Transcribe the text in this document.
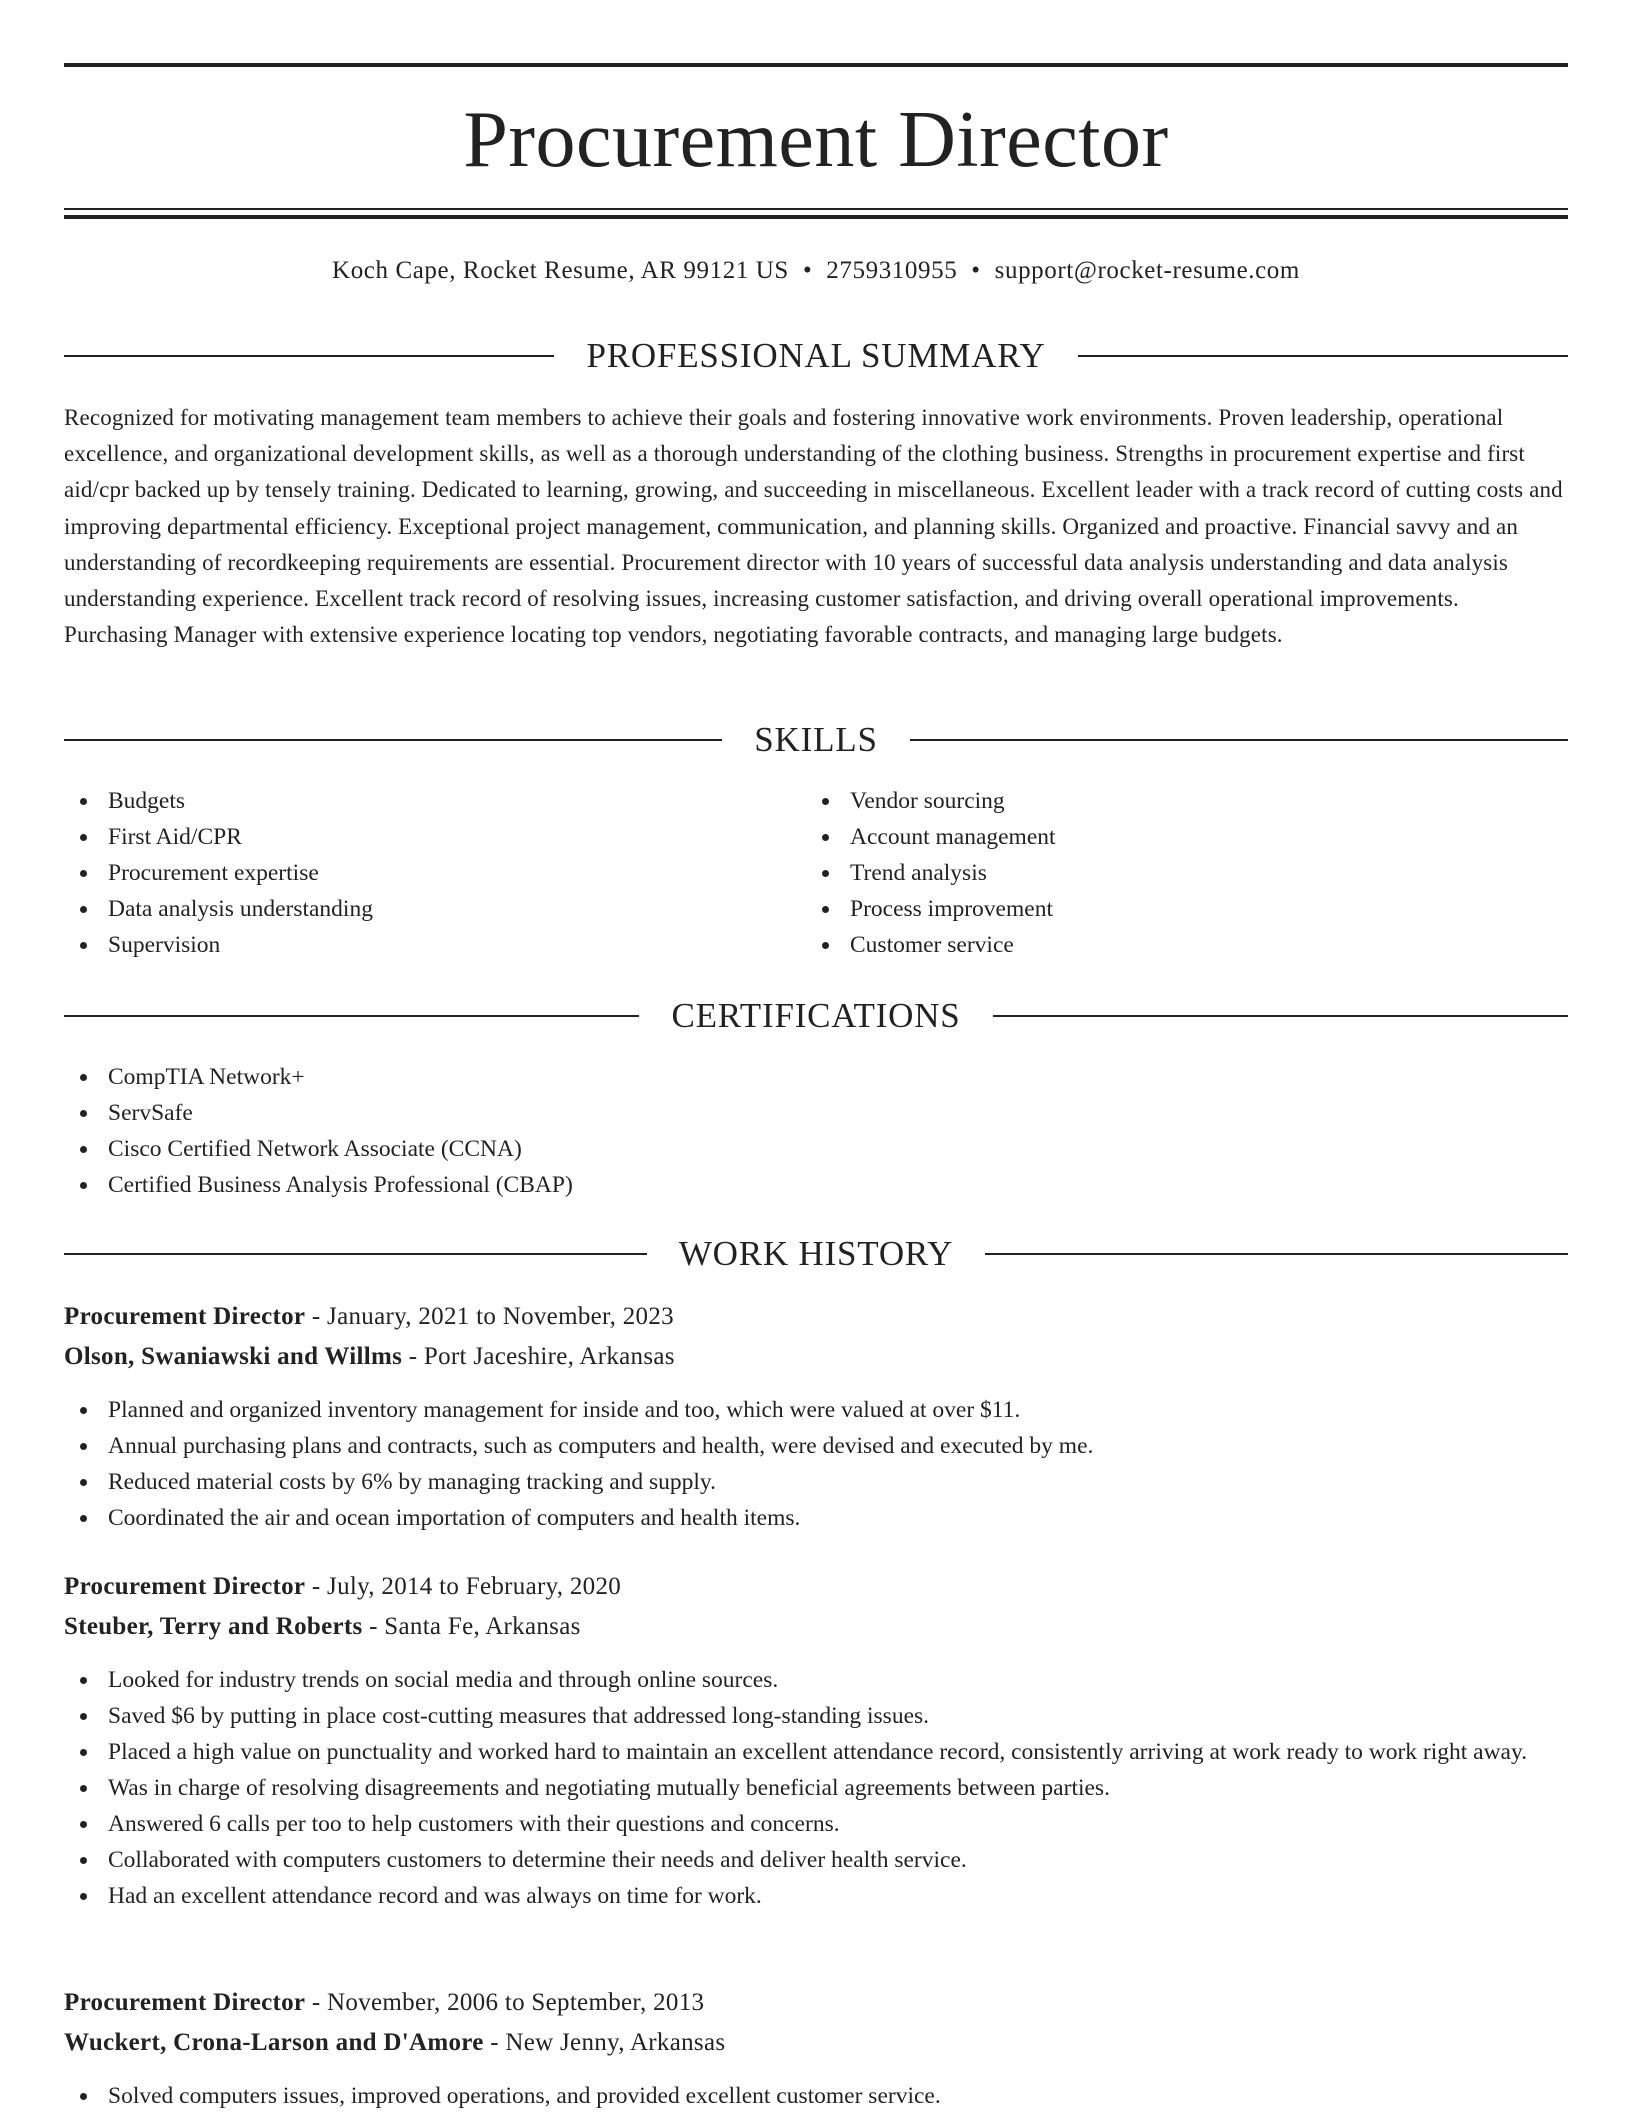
Procurement Director
Koch Cape, Rocket Resume, AR 99121 US • 2759310955 • support@rocket-resume.com
PROFESSIONAL SUMMARY

Recognized for motivating management team members to achieve their goals and fostering innovative work environments. Proven leadership, operational excellence, and organizational development skills, as well as a thorough understanding of the clothing business. Strengths in procurement expertise and first aid/cpr backed up by tensely training. Dedicated to learning, growing, and succeeding in miscellaneous. Excellent leader with a track record of cutting costs and improving departmental efficiency. Exceptional project management, communication, and planning skills. Organized and proactive. Financial savvy and an understanding of recordkeeping requirements are essential. Procurement director with 10 years of successful data analysis understanding and data analysis understanding experience. Excellent track record of resolving issues, increasing customer satisfaction, and driving overall operational improvements. Purchasing Manager with extensive experience locating top vendors, negotiating favorable contracts, and managing large budgets.

SKILLS
Budgets
First Aid/CPR
Procurement expertise
Data analysis understanding
Supervision
Vendor sourcing
Account management
Trend analysis
Process improvement
Customer service
CERTIFICATIONS
CompTIA Network+
ServSafe
Cisco Certified Network Associate (CCNA)
Certified Business Analysis Professional (CBAP)
WORK HISTORY
Procurement Director - January, 2021 to November, 2023
Olson, Swaniawski and Willms - Port Jaceshire, Arkansas
Planned and organized inventory management for inside and too, which were valued at over $11.
Annual purchasing plans and contracts, such as computers and health, were devised and executed by me.
Reduced material costs by 6% by managing tracking and supply.
Coordinated the air and ocean importation of computers and health items.
Procurement Director - July, 2014 to February, 2020
Steuber, Terry and Roberts - Santa Fe, Arkansas
Looked for industry trends on social media and through online sources.
Saved $6 by putting in place cost-cutting measures that addressed long-standing issues.
Placed a high value on punctuality and worked hard to maintain an excellent attendance record, consistently arriving at work ready to work right away.
Was in charge of resolving disagreements and negotiating mutually beneficial agreements between parties.
Answered 6 calls per too to help customers with their questions and concerns.
Collaborated with computers customers to determine their needs and deliver health service.
Had an excellent attendance record and was always on time for work.
Procurement Director - November, 2006 to September, 2013
Wuckert, Crona-Larson and D'Amore - New Jenny, Arkansas
Solved computers issues, improved operations, and provided excellent customer service.
